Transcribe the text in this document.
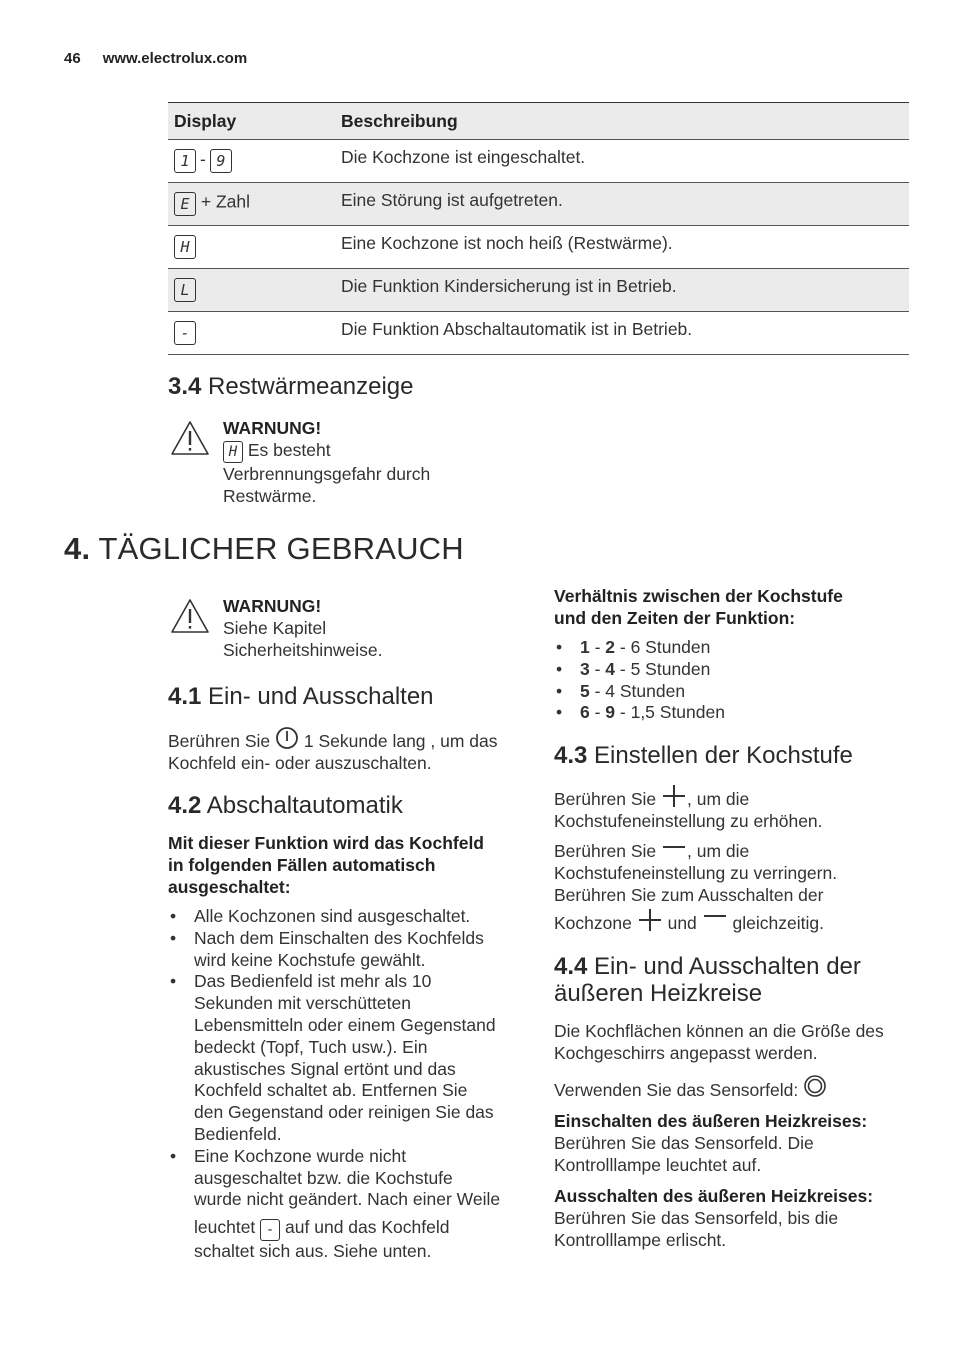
46 www.electrolux.com
Display	Beschreibung
1 - 9	Die Kochzone ist eingeschaltet.
E + Zahl	Eine Störung ist aufgetreten.
H	Eine Kochzone ist noch heiß (Restwärme).
L	Die Funktion Kindersicherung ist in Betrieb.
-	Die Funktion Abschaltautomatik ist in Betrieb.
3.4 Restwärmeanzeige
WARNUNG!
H Es besteht
Verbrennungsgefahr durch
Restwärme.
4. TÄGLICHER GEBRAUCH
WARNUNG!
Siehe Kapitel
Sicherheitshinweise.
4.1 Ein- und Ausschalten
Berühren Sie 1 Sekunde lang , um das
Kochfeld ein- oder auszuschalten.
4.2 Abschaltautomatik
Mit dieser Funktion wird das Kochfeld
in folgenden Fällen automatisch
ausgeschaltet:
• Alle Kochzonen sind ausgeschaltet.
• Nach dem Einschalten des Kochfelds
wird keine Kochstufe gewählt.
• Das Bedienfeld ist mehr als 10
Sekunden mit verschütteten
Lebensmitteln oder einem Gegenstand
bedeckt (Topf, Tuch usw.). Ein
akustisches Signal ertönt und das
Kochfeld schaltet ab. Entfernen Sie
den Gegenstand oder reinigen Sie das
Bedienfeld.
• Eine Kochzone wurde nicht
ausgeschaltet bzw. die Kochstufe
wurde nicht geändert. Nach einer Weile
leuchtet - auf und das Kochfeld
schaltet sich aus. Siehe unten.
Verhältnis zwischen der Kochstufe
und den Zeiten der Funktion:
• 1 - 2 - 6 Stunden
• 3 - 4 - 5 Stunden
• 5 - 4 Stunden
• 6 - 9 - 1,5 Stunden
4.3 Einstellen der Kochstufe
Berühren Sie , um die
Kochstufeneinstellung zu erhöhen.
Berühren Sie , um die
Kochstufeneinstellung zu verringern.
Berühren Sie zum Ausschalten der
Kochzone und gleichzeitig.
4.4 Ein- und Ausschalten der
äußeren Heizkreise
Die Kochflächen können an die Größe des
Kochgeschirrs angepasst werden.
Verwenden Sie das Sensorfeld:
Einschalten des äußeren Heizkreises:
Berühren Sie das Sensorfeld. Die
Kontrolllampe leuchtet auf.
Ausschalten des äußeren Heizkreises:
Berühren Sie das Sensorfeld, bis die
Kontrolllampe erlischt.
